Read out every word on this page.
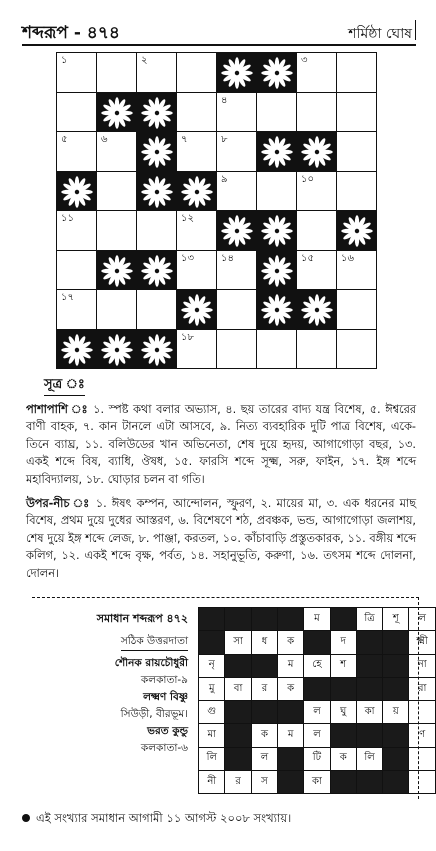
শব্দরূপ - ৪৭৪	শর্মিষ্ঠা ঘোষ
১		২				৩	

৪			

৫	৬		৭	৮

৯		১০	

১১			১২

১৩	১৪		১৫	১৬

১৭

১৮				

সূত্র ঃ

পাশাপাশি ঃ ১. স্পষ্ট কথা বলার অভ্যাস, ৪. ছয় তারের বাদ্য যন্ত্র বিশেষ, ৫. ঈশ্বরের বাণী বাহক, ৭. কান টানলে এটা আসবে, ৯. নিত্য ব্যবহারিক দুটি পাত্র বিশেষ, একে-তিনে ব্যাঘ্র, ১১. বলিউডের খান অভিনেতা, শেষ দুয়ে হৃদয়, আগাগোড়া বছর, ১৩. একই শব্দে বিষ, ব্যাধি, ঔষধ, ১৫. ফারসি শব্দে সূক্ষ্ম, সরু, ফাইন, ১৭. ইঙ্গ শব্দে মহাবিদ্যালয়, ১৮. ঘোড়ার চলন বা গতি।

উপর-নীচ ঃ ১. ঈষৎ কম্পন, আন্দোলন, স্ফুরণ, ২. মায়ের মা, ৩. এক ধরনের মাছ বিশেষ, প্রথম দুয়ে দুধের আস্তরণ, ৬. বিশেষণে শঠ, প্রবঞ্চক, ভন্ড, আগাগোড়া জলাশয়, শেষ দুয়ে ইঙ্গ শব্দে লেজ, ৮. পাঞ্জা, করতল, ১০. কাঁচাবাড়ি প্রস্তুতকারক, ১১. বঙ্গীয় শব্দে কলিগ, ১২. একই শব্দে বৃক্ষ, পর্বত, ১৪. সহানুভূতি, করুণা, ১৬. তৎসম শব্দে দোলনা, দোলন।

সমাধান শব্দরূপ ৪৭২
সঠিক উত্তরদাতা
শৌনক রায়চৌধুরী
কলকাতা-৯
লক্ষ্মণ বিষ্ণু
সিউড়ী, বীরভূম।
ভরত কুন্ডু
কলকাতা-৬
				ম		ত্রি	শূ	ল
	সা	ধ	ক		দ			ক্ষ্মী
নৃ			ম	হে	শ			না
মু	বা	র	ক					রা
গু				ল	ঘু	কা	য়	
মা		ক	ম	ল				ণ
লি		ল		টি	ক	লি		
নী	র	স		কা				
এই সংখ্যার সমাধান আগামী ১১ আগস্ট ২০০৮ সংখ্যায়।
